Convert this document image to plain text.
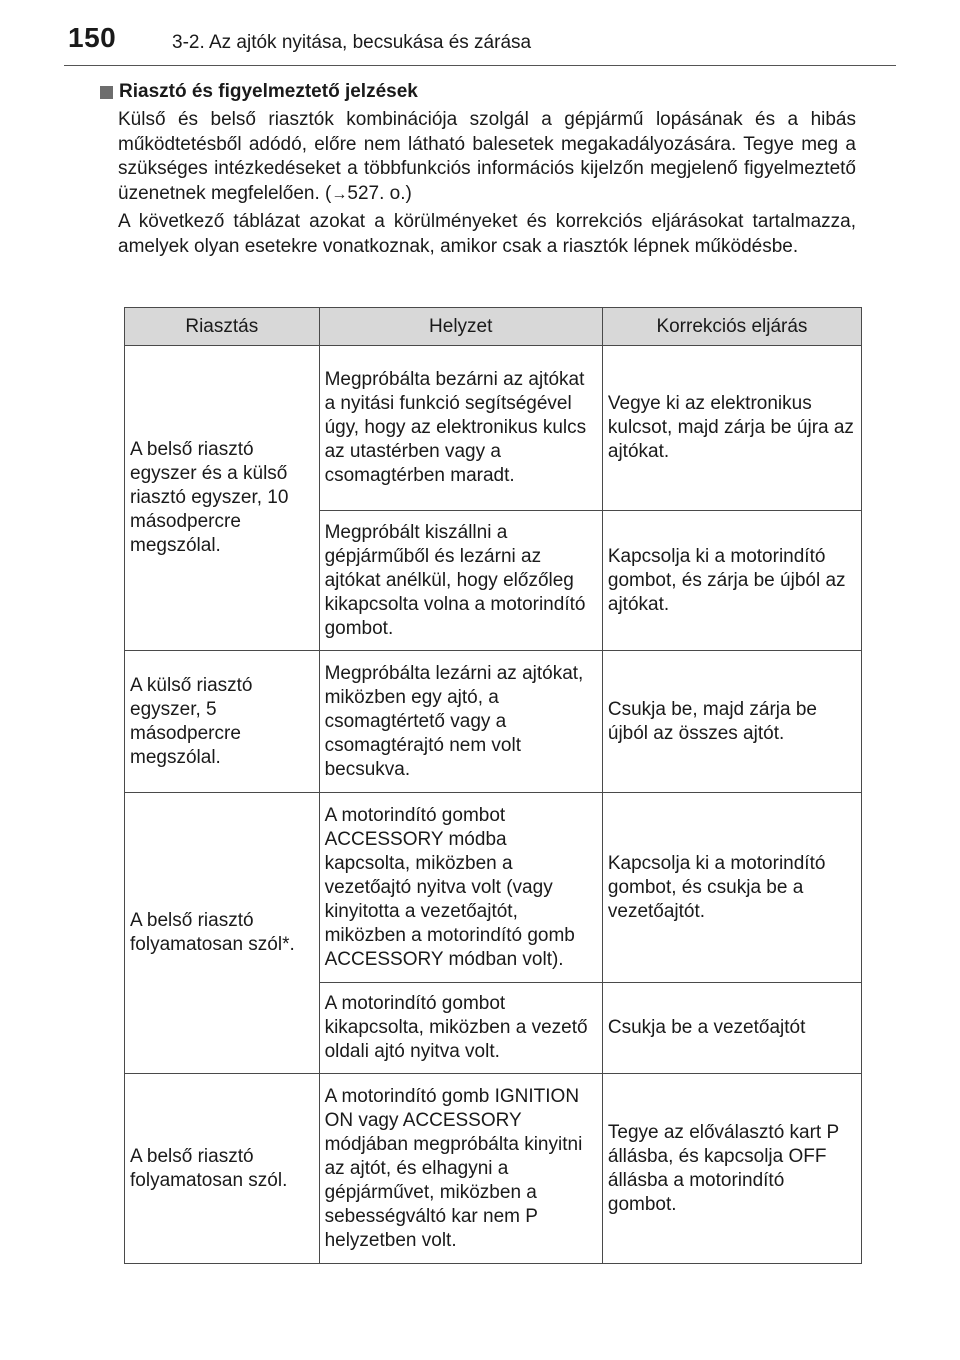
150	3-2. Az ajtók nyitása, becsukása és zárása
Riasztó és figyelmeztető jelzések

Külső és belső riasztók kombinációja szolgál a gépjármű lopásának és a hibás működtetésből adódó, előre nem látható balesetek megakadályozására. Tegye meg a szükséges intézkedéseket a többfunkciós információs kijelzőn megjelenő figyelmeztető üzenetnek megfelelően. (→527. o.)

A következő táblázat azokat a körülményeket és korrekciós eljárásokat tartalmazza, amelyek olyan esetekre vonatkoznak, amikor csak a riasztók lépnek működésbe.

Riasztás	Helyzet	Korrekciós eljárás

A belső riasztó egyszer és a külső riasztó egyszer, 10 másodpercre megszólal.	Megpróbálta bezárni az ajtókat a nyitási funkció segítségével úgy, hogy az elektronikus kulcs az utastérben vagy a csomagtérben maradt.	Vegye ki az elektronikus kulcsot, majd zárja be újra az ajtókat.

	Megpróbált kiszállni a gépjárműből és lezárni az ajtókat anélkül, hogy előzőleg kikapcsolta volna a motorindító gombot.	Kapcsolja ki a motorindító gombot, és zárja be újból az ajtókat.

A külső riasztó egyszer, 5 másodpercre megszólal.	Megpróbálta lezárni az ajtókat, miközben egy ajtó, a csomagtértető vagy a csomagtérajtó nem volt becsukva.	Csukja be, majd zárja be újból az összes ajtót.

A belső riasztó folyamatosan szól*.	A motorindító gombot ACCESSORY módba kapcsolta, miközben a vezetőajtó nyitva volt (vagy kinyitotta a vezetőajtót, miközben a motorindító gomb ACCESSORY módban volt).	Kapcsolja ki a motorindító gombot, és csukja be a vezetőajtót.

	A motorindító gombot kikapcsolta, miközben a vezető oldali ajtó nyitva volt.	Csukja be a vezetőajtót

A belső riasztó folyamatosan szól.	A motorindító gomb IGNITION ON vagy ACCESSORY módjában megpróbálta kinyitni az ajtót, és elhagyni a gépjárművet, miközben a sebességváltó kar nem P helyzetben volt.	Tegye az előválasztó kart P állásba, és kapcsolja OFF állásba a motorindító gombot.
